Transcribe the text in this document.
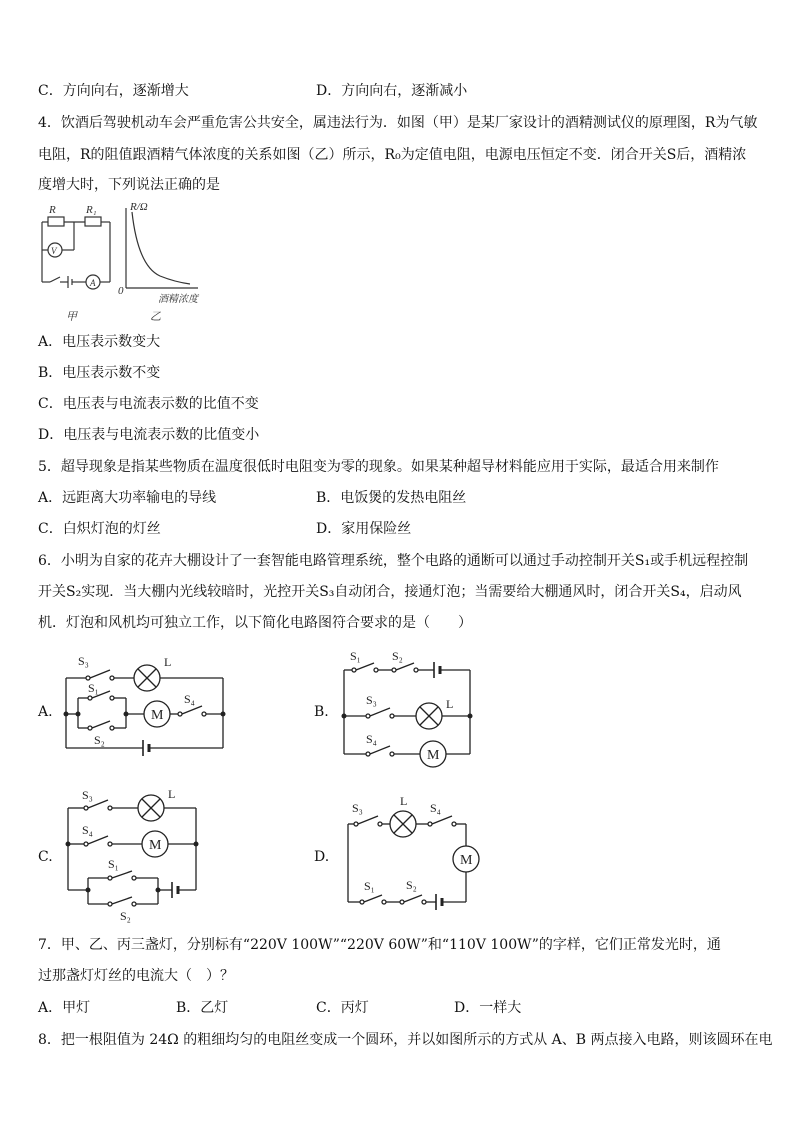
C．方向向右，逐渐增大	D．方向向右，逐渐减小
4．饮酒后驾驶机动车会严重危害公共安全，属违法行为．如图（甲）是某厂家设计的酒精测试仪的原理图，R为气敏
电阻，R的阻值跟酒精气体浓度的关系如图（乙）所示，R₀为定值电阻，电源电压恒定不变．闭合开关S后，酒精浓
度增大时，下列说法正确的是
R	R₁
V
A
R/Ω
0
酒精浓度
甲	乙
A．电压表示数变大
B．电压表示数不变
C．电压表与电流表示数的比值不变
D．电压表与电流表示数的比值变小
5．超导现象是指某些物质在温度很低时电阻变为零的现象。如果某种超导材料能应用于实际，最适合用来制作
A．远距离大功率输电的导线	B．电饭煲的发热电阻丝
C．白炽灯泡的灯丝	D．家用保险丝
6．小明为自家的花卉大棚设计了一套智能电路管理系统，整个电路的通断可以通过手动控制开关S₁或手机远程控制
开关S₂实现．当大棚内光线较暗时，光控开关S₃自动闭合，接通灯泡；当需要给大棚通风时，闭合开关S₄，启动风
机．灯泡和风机均可独立工作，以下简化电路图符合要求的是（　　）
A.
S₃	L
S₁
S₂
M
S₄
B.
S₁	S₂
S₃	L
S₄
M
C.
S₃	L
S₄
M
S₁
S₂
D.
S₃	L S₄
M
S₁	S₂
7．甲、乙、丙三盏灯，分别标有“220V 100W”“220V 60W”和“110V 100W”的字样，它们正常发光时，通
过那盏灯灯丝的电流大（　）？
A．甲灯	B．乙灯	C．丙灯	D．一样大
8．把一根阻值为 24Ω 的粗细均匀的电阻丝变成一个圆环，并以如图所示的方式从 A、B 两点接入电路，则该圆环在电
